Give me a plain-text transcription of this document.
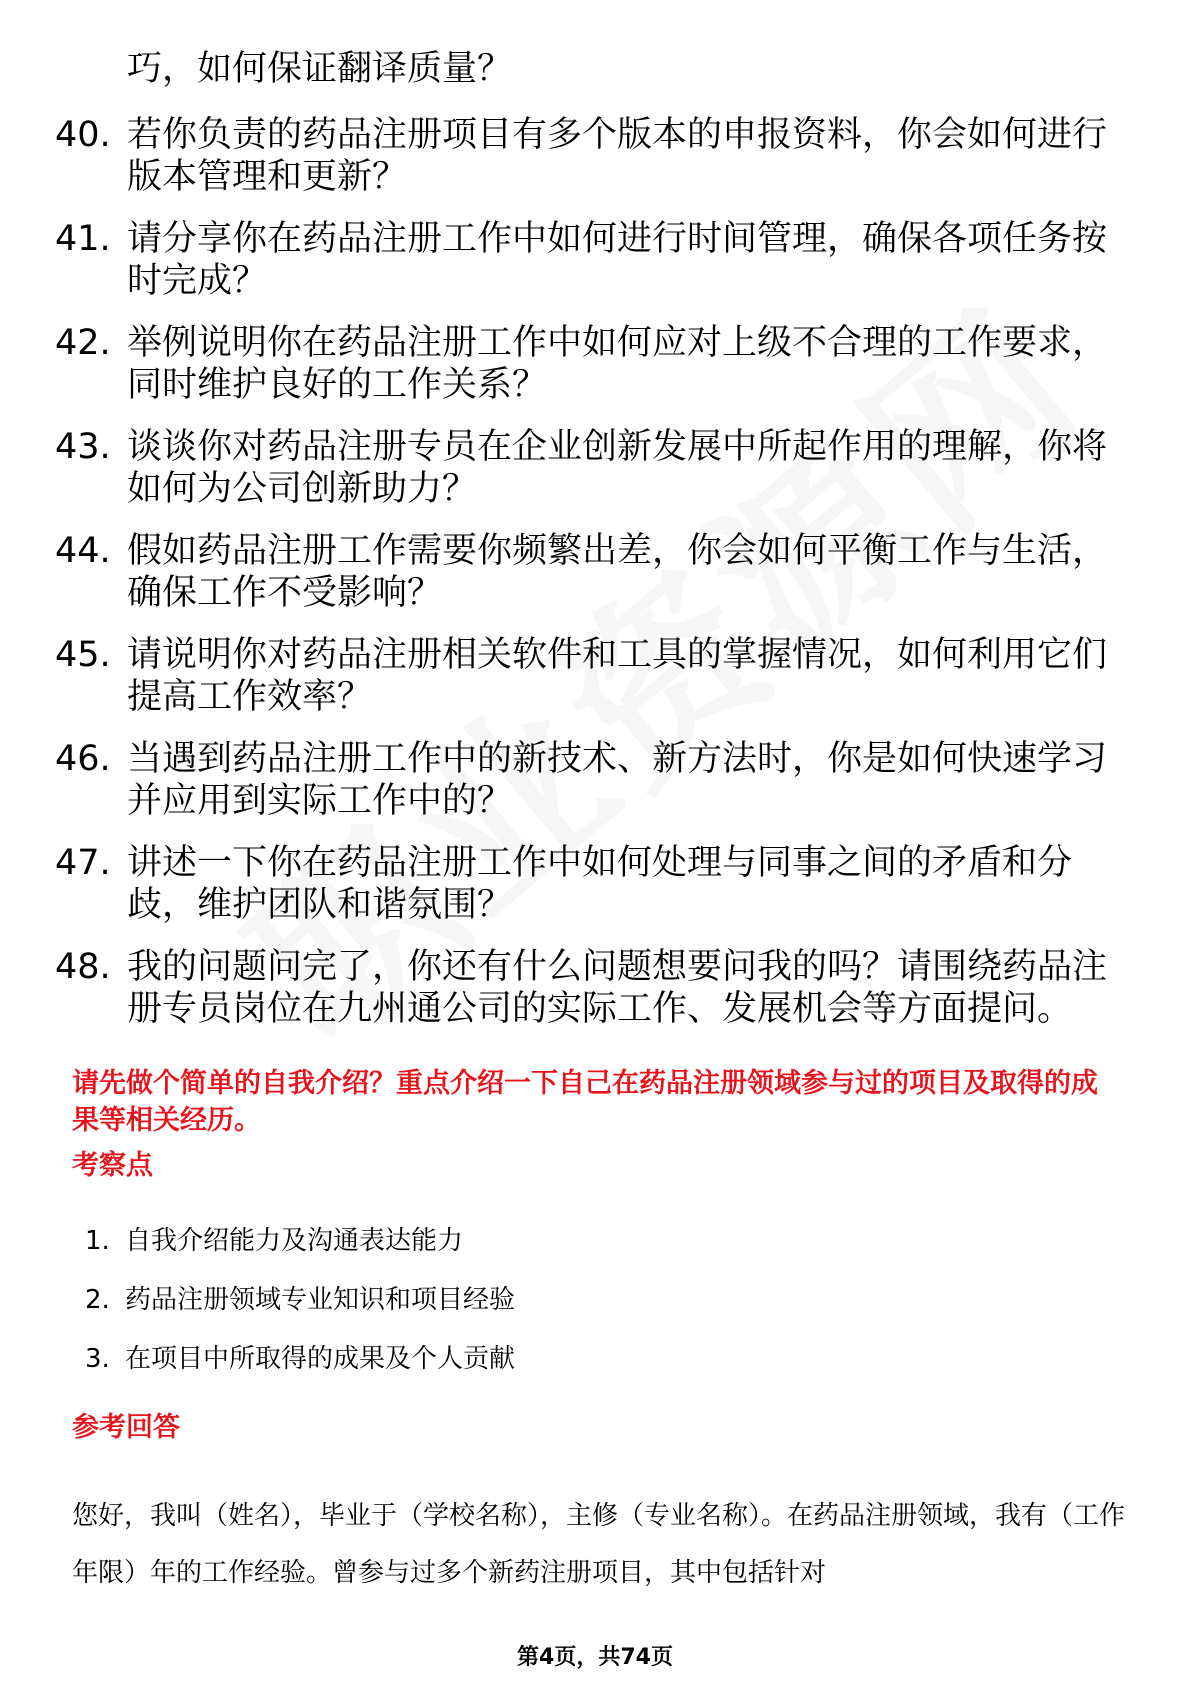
巧，如何保证翻译质量？
40. 若你负责的药品注册项目有多个版本的申报资料，你会如何进行版本管理和更新？
41. 请分享你在药品注册工作中如何进行时间管理，确保各项任务按时完成？
42. 举例说明你在药品注册工作中如何应对上级不合理的工作要求，同时维护良好的工作关系？
43. 谈谈你对药品注册专员在企业创新发展中所起作用的理解，你将如何为公司创新助力？
44. 假如药品注册工作需要你频繁出差，你会如何平衡工作与生活，确保工作不受影响？
45. 请说明你对药品注册相关软件和工具的掌握情况，如何利用它们提高工作效率？
46. 当遇到药品注册工作中的新技术、新方法时，你是如何快速学习并应用到实际工作中的？
47. 讲述一下你在药品注册工作中如何处理与同事之间的矛盾和分歧，维护团队和谐氛围？
48. 我的问题问完了，你还有什么问题想要问我的吗？请围绕药品注册专员岗位在九州通公司的实际工作、发展机会等方面提问。
请先做个简单的自我介绍？重点介绍一下自己在药品注册领域参与过的项目及取得的成果等相关经历。
考察点
1. 自我介绍能力及沟通表达能力
2. 药品注册领域专业知识和项目经验
3. 在项目中所取得的成果及个人贡献
参考回答
您好，我叫（姓名），毕业于（学校名称），主修（专业名称）。在药品注册领域，我有（工作年限）年的工作经验。曾参与过多个新药注册项目，其中包括针对
第4页，共74页
